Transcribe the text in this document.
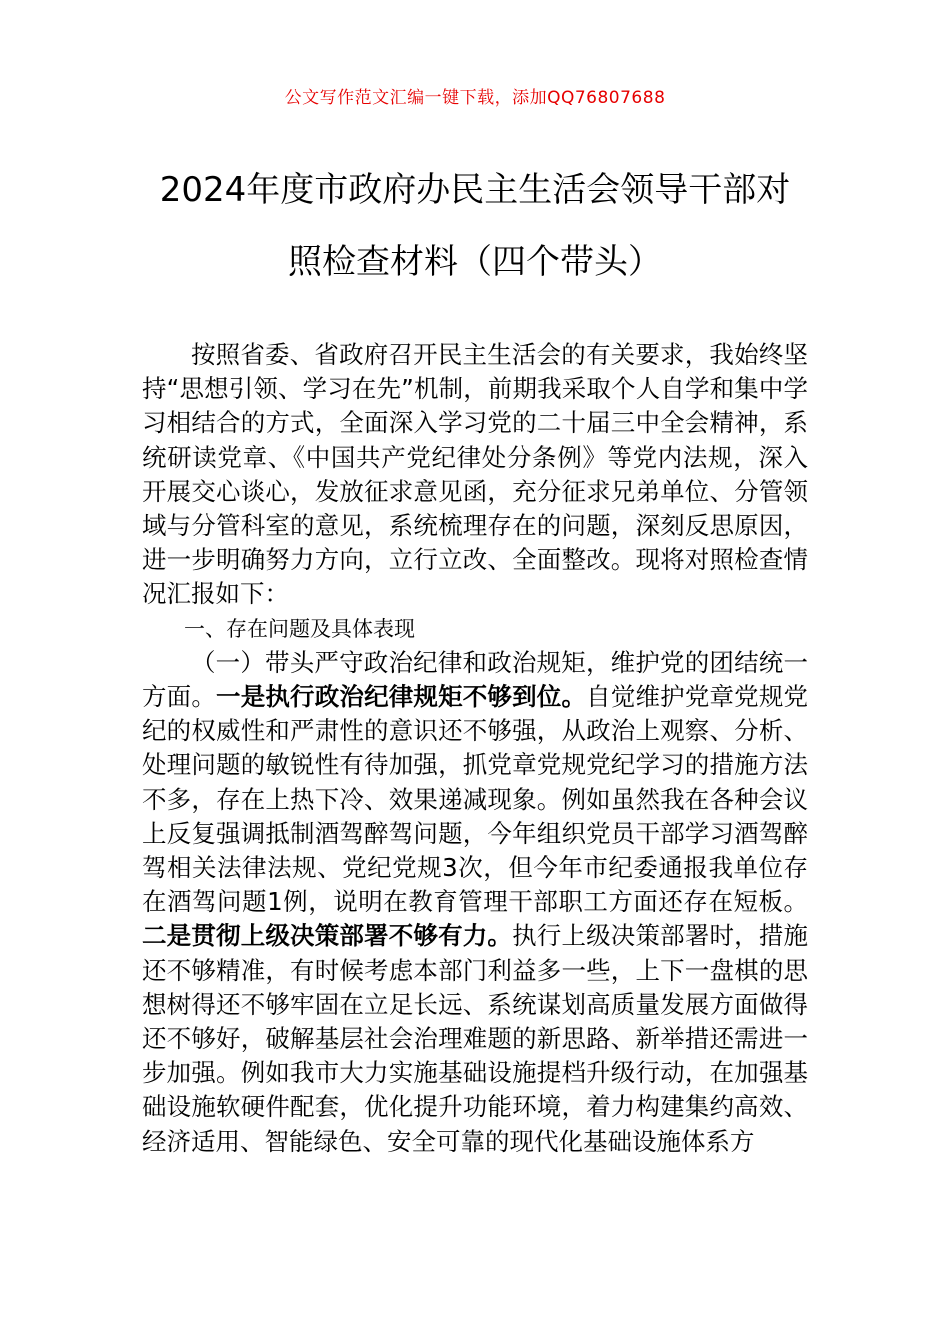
公文写作范文汇编一键下载，添加QQ76807688
2024年度市政府办民主生活会领导干部对
照检查材料（四个带头）

按照省委、省政府召开民主生活会的有关要求，我始终坚持“思想引领、学习在先”机制，前期我采取个人自学和集中学习相结合的方式，全面深入学习党的二十届三中全会精神，系统研读党章、《中国共产党纪律处分条例》等党内法规，深入开展交心谈心，发放征求意见函，充分征求兄弟单位、分管领域与分管科室的意见，系统梳理存在的问题，深刻反思原因，进一步明确努力方向，立行立改、全面整改。现将对照检查情况汇报如下：

一、存在问题及具体表现

（一）带头严守政治纪律和政治规矩，维护党的团结统一方面。一是执行政治纪律规矩不够到位。自觉维护党章党规党纪的权威性和严肃性的意识还不够强，从政治上观察、分析、处理问题的敏锐性有待加强，抓党章党规党纪学习的措施方法不多，存在上热下冷、效果递减现象。例如虽然我在各种会议上反复强调抵制酒驾醉驾问题，今年组织党员干部学习酒驾醉驾相关法律法规、党纪党规3次，但今年市纪委通报我单位存在酒驾问题1例，说明在教育管理干部职工方面还存在短板。二是贯彻上级决策部署不够有力。执行上级决策部署时，措施还不够精准，有时候考虑本部门利益多一些，上下一盘棋的思想树得还不够牢固在立足长远、系统谋划高质量发展方面做得还不够好，破解基层社会治理难题的新思路、新举措还需进一步加强。例如我市大力实施基础设施提档升级行动，在加强基础设施软硬件配套，优化提升功能环境，着力构建集约高效、经济适用、智能绿色、安全可靠的现代化基础设施体系方
